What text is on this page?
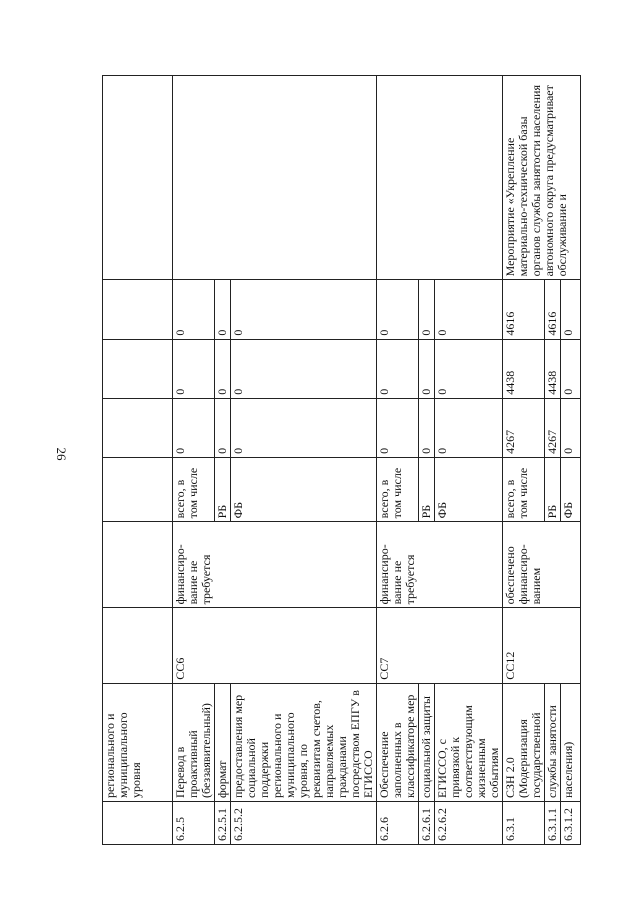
26
	регионального и муниципального уровня							
6.2.5	Перевод в проактивный (беззаявительный)	СС6	финансиро-вание не требуется	всего, в том числе	0	0	0	
6.2.5.1	формат			РБ	0	0	0	
6.2.5.2	предоставления мер социальной поддержки регионального и муниципального уровня, по реквизитам счетов, направляемых гражданами посредством ЕПГУ в ЕГИССО			ФБ	0	0	0	
6.2.6	Обеспечение заполненных в классификаторе мер	СС7	финансиро-вание не требуется	всего, в том числе	0	0	0	
6.2.6.1	социальной защиты			РБ	0	0	0	
6.2.6.2	ЕГИССО, с привязкой к соответствующим жизненным событиям			ФБ	0	0	0	
6.3.1	СЗН 2.0 (Модернизация государственной	СС12	обеспечено финансиро-ванием	всего, в том числе	4267	4438	4616	Мероприятие «Укрепление материально-технической базы органов службы занятости населения автономного округа предусматривает обслуживание и
6.3.1.1	службы занятости			РБ	4267	4438	4616	
6.3.1.2	населения)			ФБ	0	0	0	
